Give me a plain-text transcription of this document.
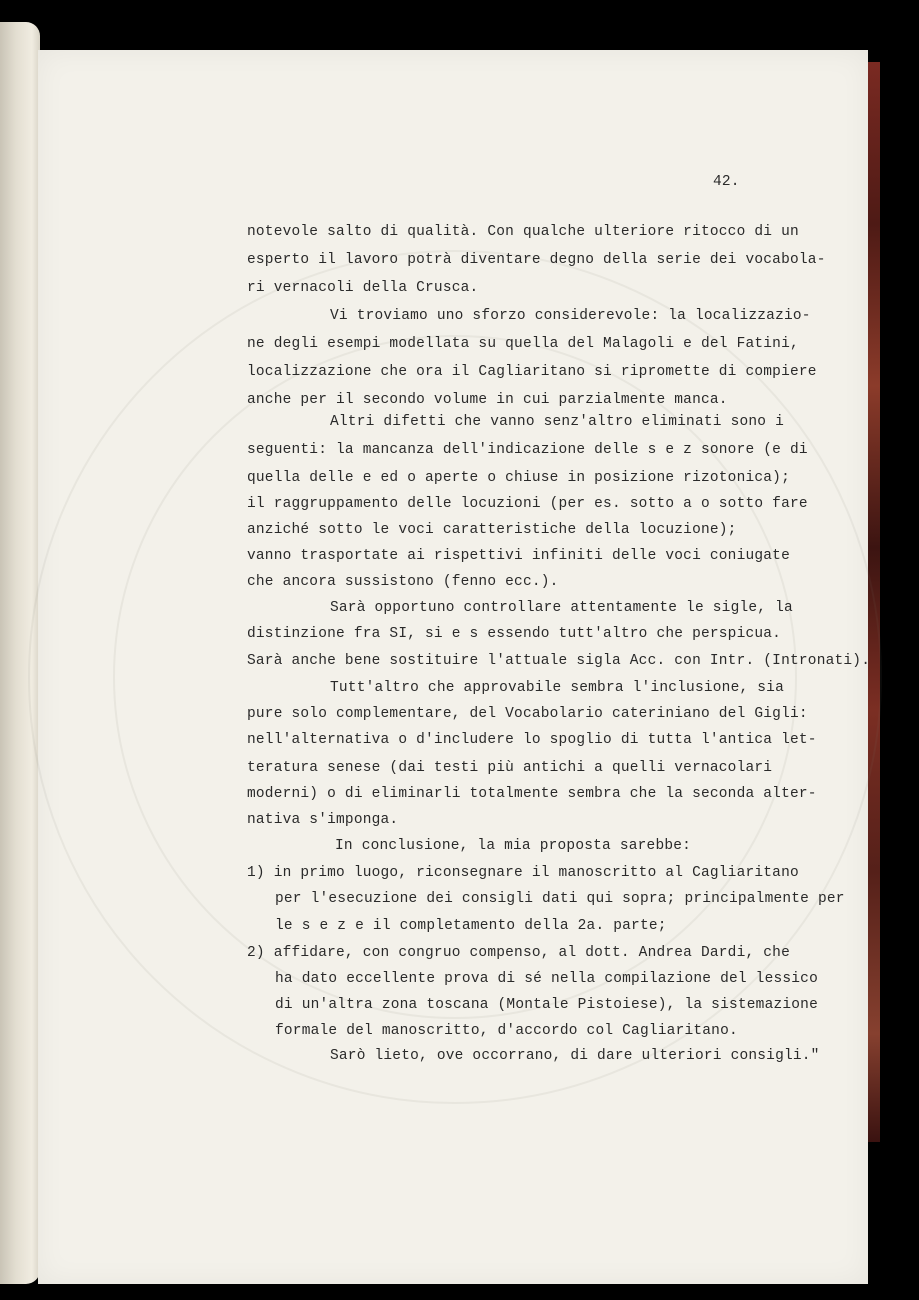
42.
notevole salto di qualità. Con qualche ulteriore ritocco di un
esperto il lavoro potrà diventare degno della serie dei vocabola-
ri vernacoli della Crusca.
Vi troviamo uno sforzo considerevole: la localizzazio-
ne degli esempi modellata su quella del Malagoli e del Fatini,
localizzazione che ora il Cagliaritano si ripromette di compiere
anche per il secondo volume in cui parzialmente manca.
Altri difetti che vanno senz'altro eliminati sono i
seguenti: la mancanza dell'indicazione delle s e z sonore (e di
quella delle e ed o aperte o chiuse in posizione rizotonica);
il raggruppamento delle locuzioni (per es. sotto a o sotto fare
anziché sotto le voci caratteristiche della locuzione);
vanno trasportate ai rispettivi infiniti delle voci coniugate
che ancora sussistono (fenno ecc.).
Sarà opportuno controllare attentamente le sigle, la
distinzione fra SI, si e s essendo tutt'altro che perspicua.
Sarà anche bene sostituire l'attuale sigla Acc. con Intr. (Intronati).
Tutt'altro che approvabile sembra l'inclusione, sia
pure solo complementare, del Vocabolario cateriniano del Gigli:
nell'alternativa o d'includere lo spoglio di tutta l'antica let-
teratura senese (dai testi più antichi a quelli vernacolari
moderni) o di eliminarli totalmente sembra che la seconda alter-
nativa s'imponga.
In conclusione, la mia proposta sarebbe:
1) in primo luogo, riconsegnare il manoscritto al Cagliaritano
per l'esecuzione dei consigli dati qui sopra; principalmente per
le s e z e il completamento della 2a. parte;
2) affidare, con congruo compenso, al dott. Andrea Dardi, che
ha dato eccellente prova di sé nella compilazione del lessico
di un'altra zona toscana (Montale Pistoiese), la sistemazione
formale del manoscritto, d'accordo col Cagliaritano.
Sarò lieto, ove occorrano, di dare ulteriori consigli."
